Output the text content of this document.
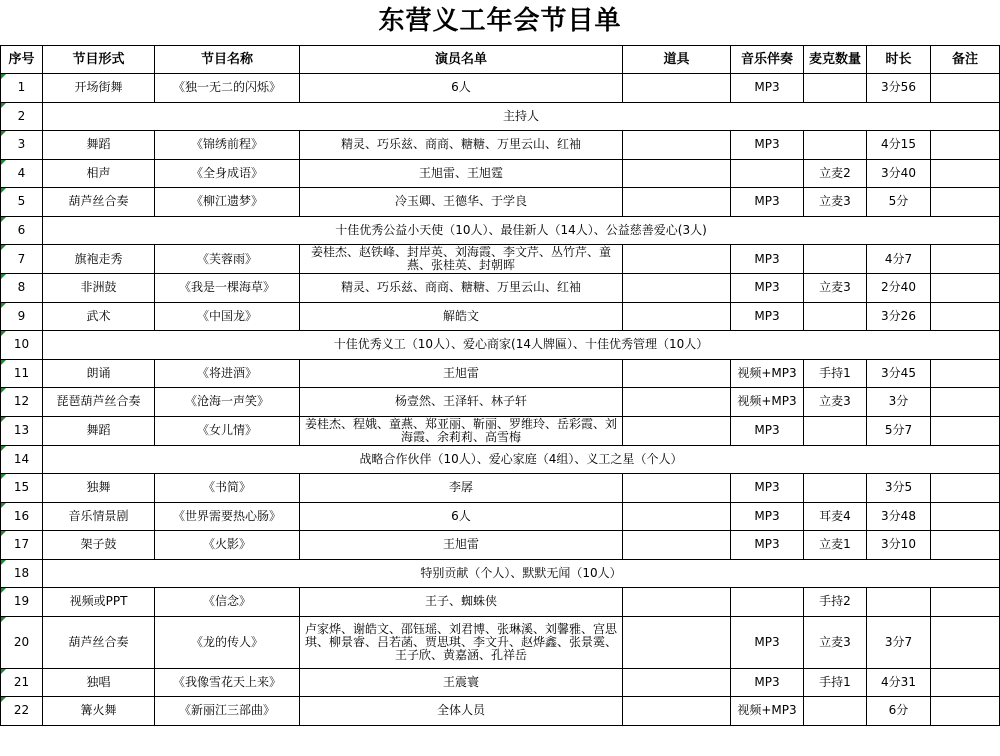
东营义工年会节目单
序号	节目形式	节目名称	演员名单	道具	音乐伴奏	麦克数量	时长	备注
1	开场街舞	《独一无二的闪烁》	6人		MP3		3分56	
2	主持人							
3	舞蹈	《锦绣前程》	精灵、巧乐兹、商商、糖糖、万里云山、红袖		MP3		4分15	
4	相声	《全身成语》	王旭雷、王旭霆			立麦2	3分40	
5	葫芦丝合奏	《柳江遗梦》	冷玉卿、王德华、于学良		MP3	立麦3	5分	
6	十佳优秀公益小天使（10人）、最佳新人（14人）、公益慈善爱心(3人)							
7	旗袍走秀	《芙蓉雨》	姜桂杰、赵铁峰、封岸英、刘海霞、李文芹、丛竹芹、童燕、张桂英、封朝晖		MP3		4分7	
8	非洲鼓	《我是一棵海草》	精灵、巧乐兹、商商、糖糖、万里云山、红袖		MP3	立麦3	2分40	
9	武术	《中国龙》	解皓文		MP3		3分26	
10	十佳优秀义工（10人）、爱心商家(14人牌匾）、十佳优秀管理（10人）							
11	朗诵	《将进酒》	王旭雷		视频+MP3	手持1	3分45	
12	琵琶葫芦丝合奏	《沧海一声笑》	杨壹然、王泽轩、林子轩		视频+MP3	立麦3	3分	
13	舞蹈	《女儿情》	姜桂杰、程娥、童燕、郑亚丽、靳丽、罗维玲、岳彩霞、刘海霞、余莉莉、高雪梅		MP3		5分7	
14	战略合作伙伴（10人）、爱心家庭（4组）、义工之星（个人）							
15	独舞	《书简》	李孱		MP3		3分5	
16	音乐情景剧	《世界需要热心肠》	6人		MP3	耳麦4	3分48	
17	架子鼓	《火影》	王旭雷		MP3	立麦1	3分10	
18	特别贡献（个人）、默默无闻（10人）							
19	视频或PPT	《信念》	王子、蜘蛛侠			手持2		
20	葫芦丝合奏	《龙的传人》	卢家烨、谢皓文、邵钰瑶、刘君博、张琳溪、刘馨雅、宫思琪、柳景睿、吕若菡、贾思琪、李文升、赵烨鑫、张景霙、王子欣、黄嘉涵、孔祥岳		MP3	立麦3	3分7	
21	独唱	《我像雪花天上来》	王震寰		MP3	手持1	4分31	
22	篝火舞	《新丽江三部曲》	全体人员		视频+MP3		6分	
